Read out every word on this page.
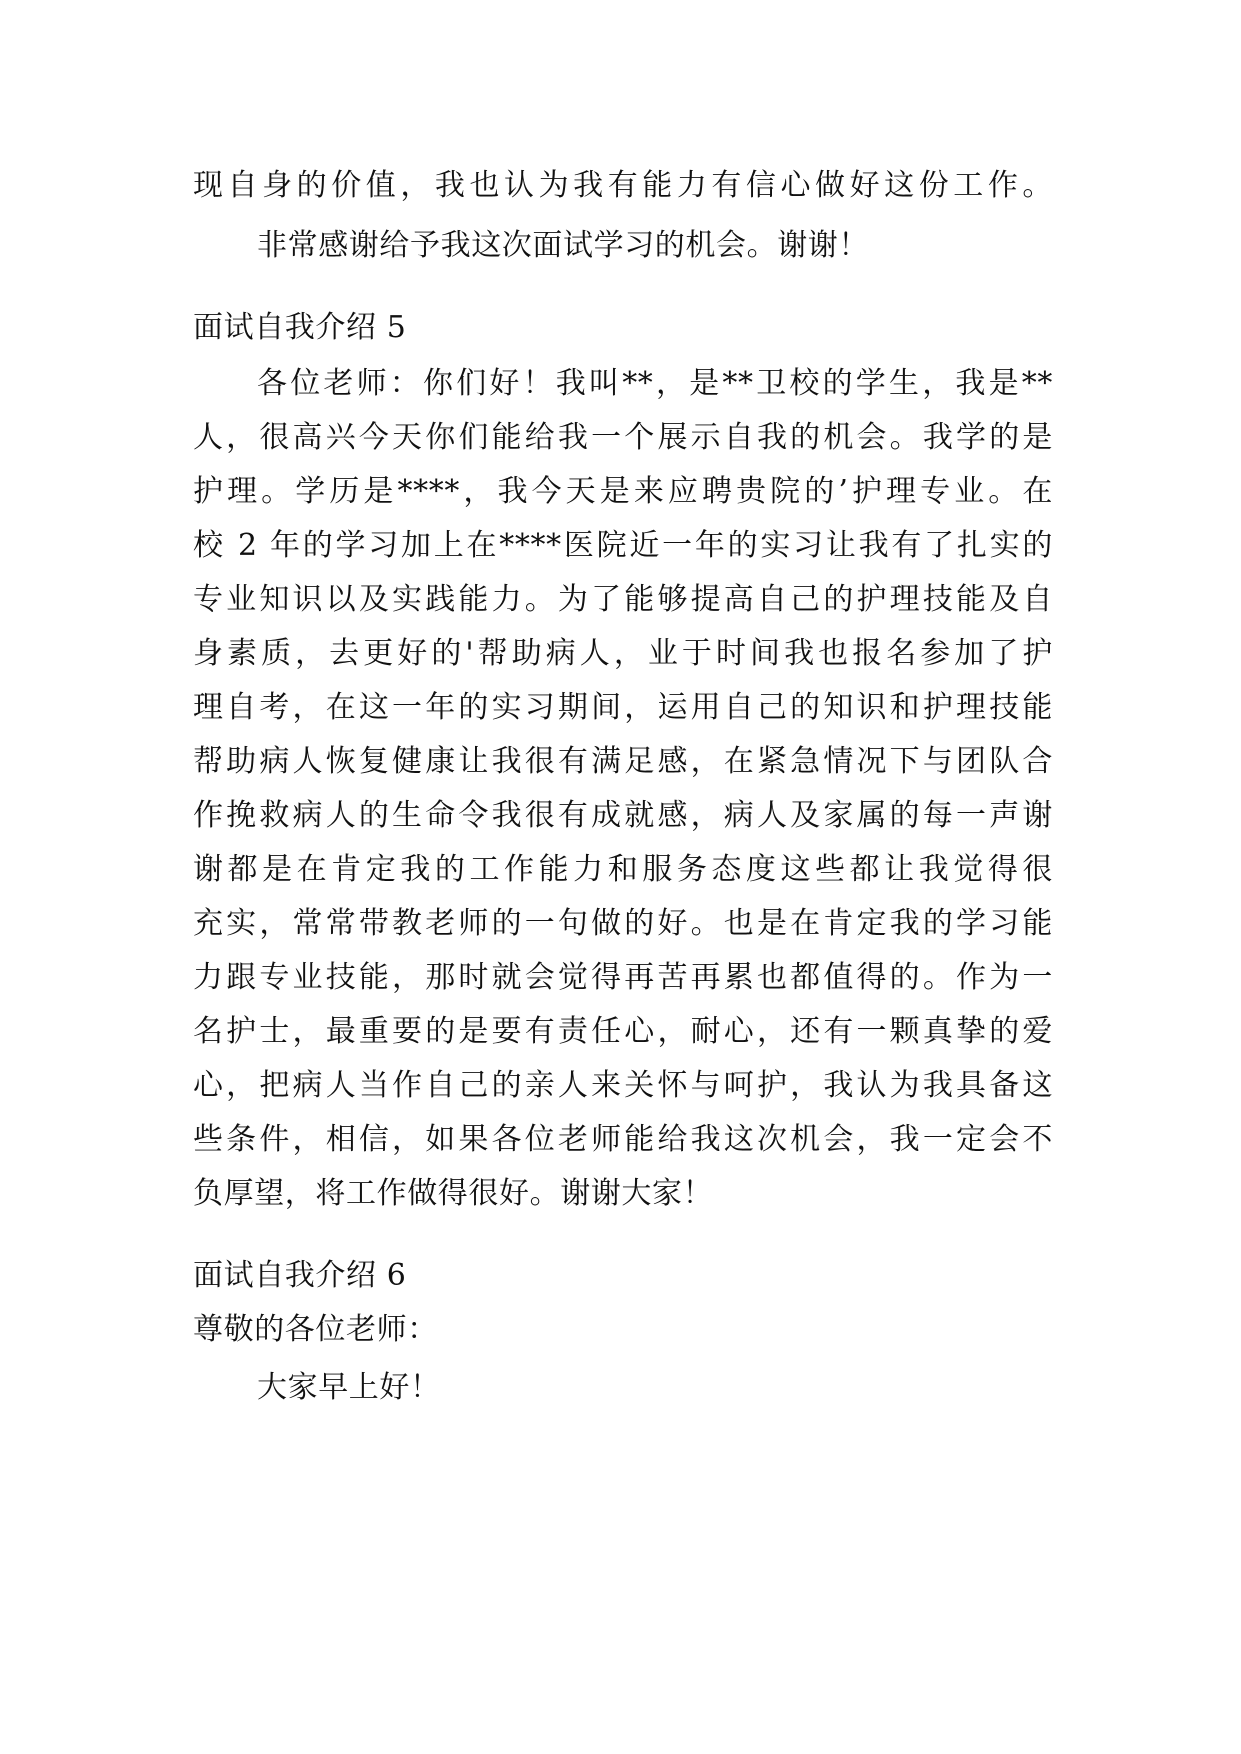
现自身的价值，我也认为我有能力有信心做好这份工作。
非常感谢给予我这次面试学习的机会。谢谢！
面试自我介绍 5
各位老师：你们好！我叫**，是**卫校的学生，我是**
人，很高兴今天你们能给我一个展示自我的机会。我学的是
护理。学历是****，我今天是来应聘贵院的’护理专业。在
校 2 年的学习加上在****医院近一年的实习让我有了扎实的
专业知识以及实践能力。为了能够提高自己的护理技能及自
身素质，去更好的'帮助病人，业于时间我也报名参加了护
理自考，在这一年的实习期间，运用自己的知识和护理技能
帮助病人恢复健康让我很有满足感，在紧急情况下与团队合
作挽救病人的生命令我很有成就感，病人及家属的每一声谢
谢都是在肯定我的工作能力和服务态度这些都让我觉得很
充实，常常带教老师的一句做的好。也是在肯定我的学习能
力跟专业技能，那时就会觉得再苦再累也都值得的。作为一
名护士，最重要的是要有责任心，耐心，还有一颗真挚的爱
心，把病人当作自己的亲人来关怀与呵护，我认为我具备这
些条件，相信，如果各位老师能给我这次机会，我一定会不
负厚望，将工作做得很好。谢谢大家！
面试自我介绍 6
尊敬的各位老师：
大家早上好！
